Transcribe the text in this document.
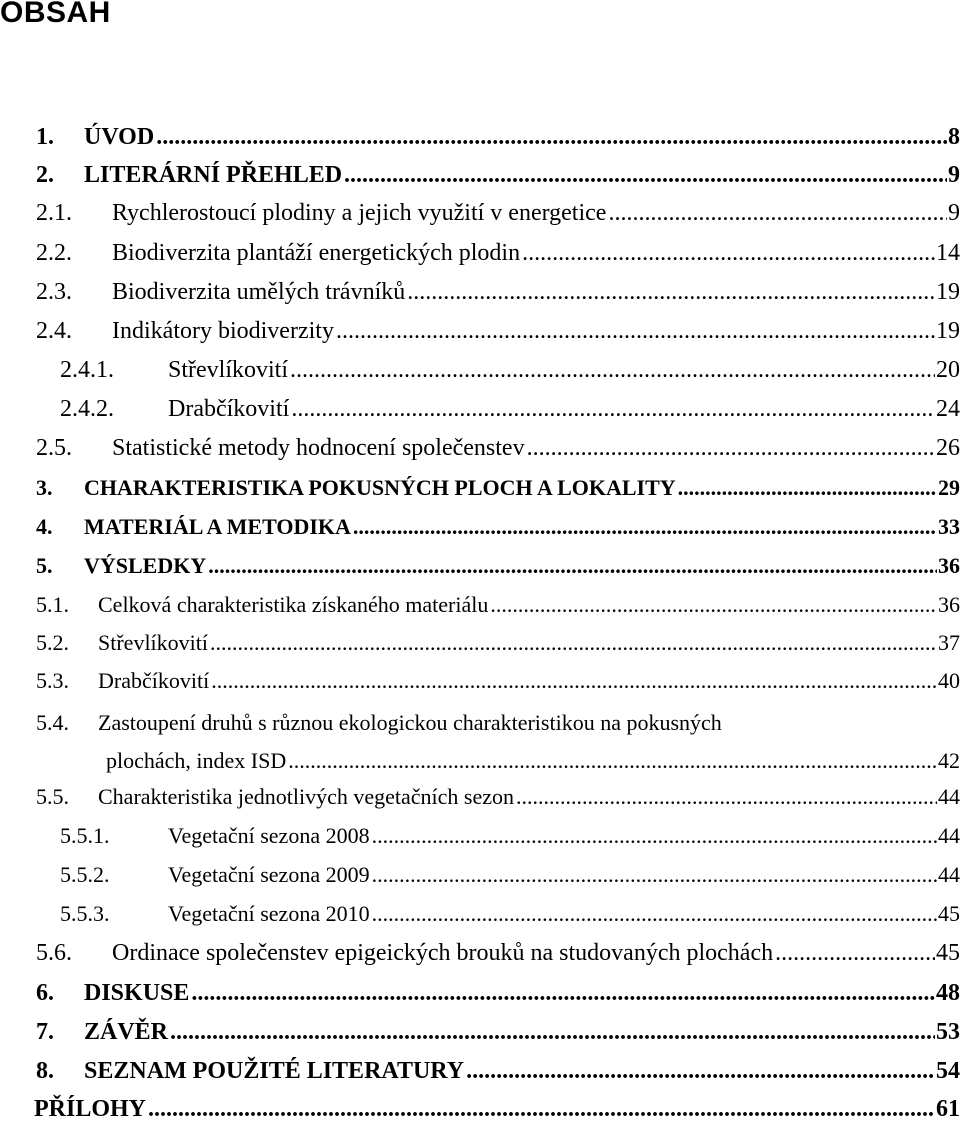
OBSAH
1. ÚVOD .....	8
2. LITERÁRNÍ PŘEHLED .....	9
2.1. Rychlerostoucí plodiny a jejich využití v energetice .....	9
2.2. Biodiverzita plantáží energetických plodin .....	14
2.3. Biodiverzita umělých trávníků .....	19
2.4. Indikátory biodiverzity .....	19
2.4.1. Střevlíkovití .....	20
2.4.2. Drabčíkovití .....	24
2.5. Statistické metody hodnocení společenstev .....	26
3. CHARAKTERISTIKA POKUSNÝCH PLOCH A LOKALITY .....	29
4. MATERIÁL A METODIKA .....	33
5. VÝSLEDKY .....	36
5.1. Celková charakteristika získaného materiálu .....	36
5.2. Střevlíkovití .....	37
5.3. Drabčíkovití .....	40
5.4. Zastoupení druhů s různou ekologickou charakteristikou na pokusných
plochách, index ISD .....	42
5.5. Charakteristika jednotlivých vegetačních sezon .....	44
5.5.1.	Vegetační sezona 2008 .....	44
5.5.2.	Vegetační sezona 2009 .....	44
5.5.3.	Vegetační sezona 2010 .....	45
5.6. Ordinace společenstev epigeických brouků na studovaných plochách .....	45
6. DISKUSE .....	48
7. ZÁVĚR .....	53
8. SEZNAM POUŽITÉ LITERATURY .....	54
PŘÍLOHY .....	61
